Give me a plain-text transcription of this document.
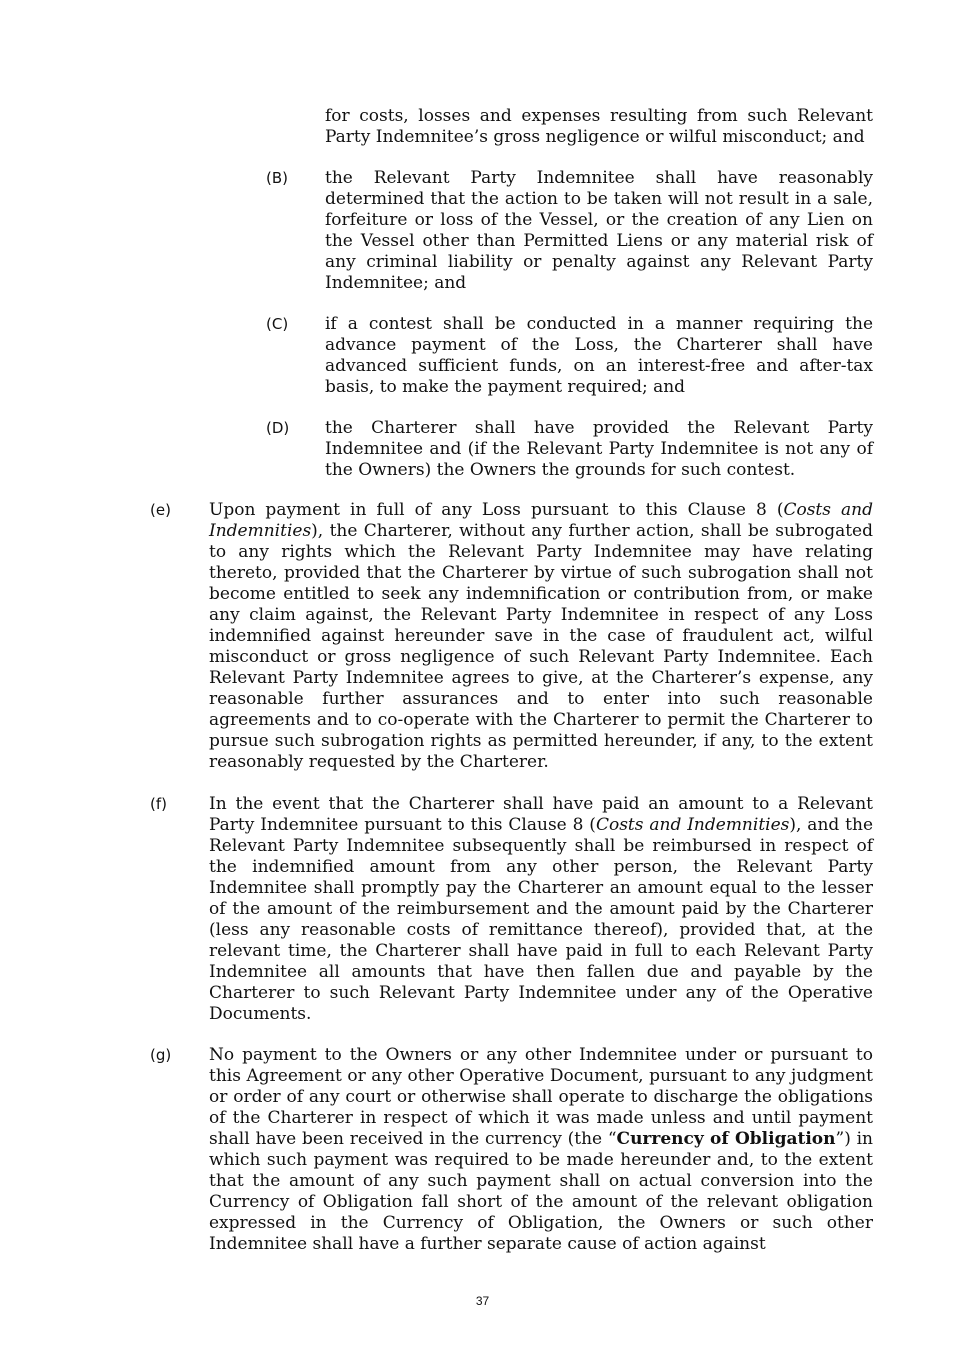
for costs, losses and expenses resulting from such Relevant Party Indemnitee’s gross negligence or wilful misconduct; and
(B) the Relevant Party Indemnitee shall have reasonably determined that the action to be taken will not result in a sale, forfeiture or loss of the Vessel, or the creation of any Lien on the Vessel other than Permitted Liens or any material risk of any criminal liability or penalty against any Relevant Party Indemnitee; and
(C) if a contest shall be conducted in a manner requiring the advance payment of the Loss, the Charterer shall have advanced sufficient funds, on an interest-free and after-tax basis, to make the payment required; and
(D) the Charterer shall have provided the Relevant Party Indemnitee and (if the Relevant Party Indemnitee is not any of the Owners) the Owners the grounds for such contest.
(e) Upon payment in full of any Loss pursuant to this Clause 8 (Costs and Indemnities), the Charterer, without any further action, shall be subrogated to any rights which the Relevant Party Indemnitee may have relating thereto, provided that the Charterer by virtue of such subrogation shall not become entitled to seek any indemnification or contribution from, or make any claim against, the Relevant Party Indemnitee in respect of any Loss indemnified against hereunder save in the case of fraudulent act, wilful misconduct or gross negligence of such Relevant Party Indemnitee. Each Relevant Party Indemnitee agrees to give, at the Charterer’s expense, any reasonable further assurances and to enter into such reasonable agreements and to co-operate with the Charterer to permit the Charterer to pursue such subrogation rights as permitted hereunder, if any, to the extent reasonably requested by the Charterer.
(f) In the event that the Charterer shall have paid an amount to a Relevant Party Indemnitee pursuant to this Clause 8 (Costs and Indemnities), and the Relevant Party Indemnitee subsequently shall be reimbursed in respect of the indemnified amount from any other person, the Relevant Party Indemnitee shall promptly pay the Charterer an amount equal to the lesser of the amount of the reimbursement and the amount paid by the Charterer (less any reasonable costs of remittance thereof), provided that, at the relevant time, the Charterer shall have paid in full to each Relevant Party Indemnitee all amounts that have then fallen due and payable by the Charterer to such Relevant Party Indemnitee under any of the Operative Documents.
(g) No payment to the Owners or any other Indemnitee under or pursuant to this Agreement or any other Operative Document, pursuant to any judgment or order of any court or otherwise shall operate to discharge the obligations of the Charterer in respect of which it was made unless and until payment shall have been received in the currency (the “Currency of Obligation”) in which such payment was required to be made hereunder and, to the extent that the amount of any such payment shall on actual conversion into the Currency of Obligation fall short of the amount of the relevant obligation expressed in the Currency of Obligation, the Owners or such other Indemnitee shall have a further separate cause of action against
37
